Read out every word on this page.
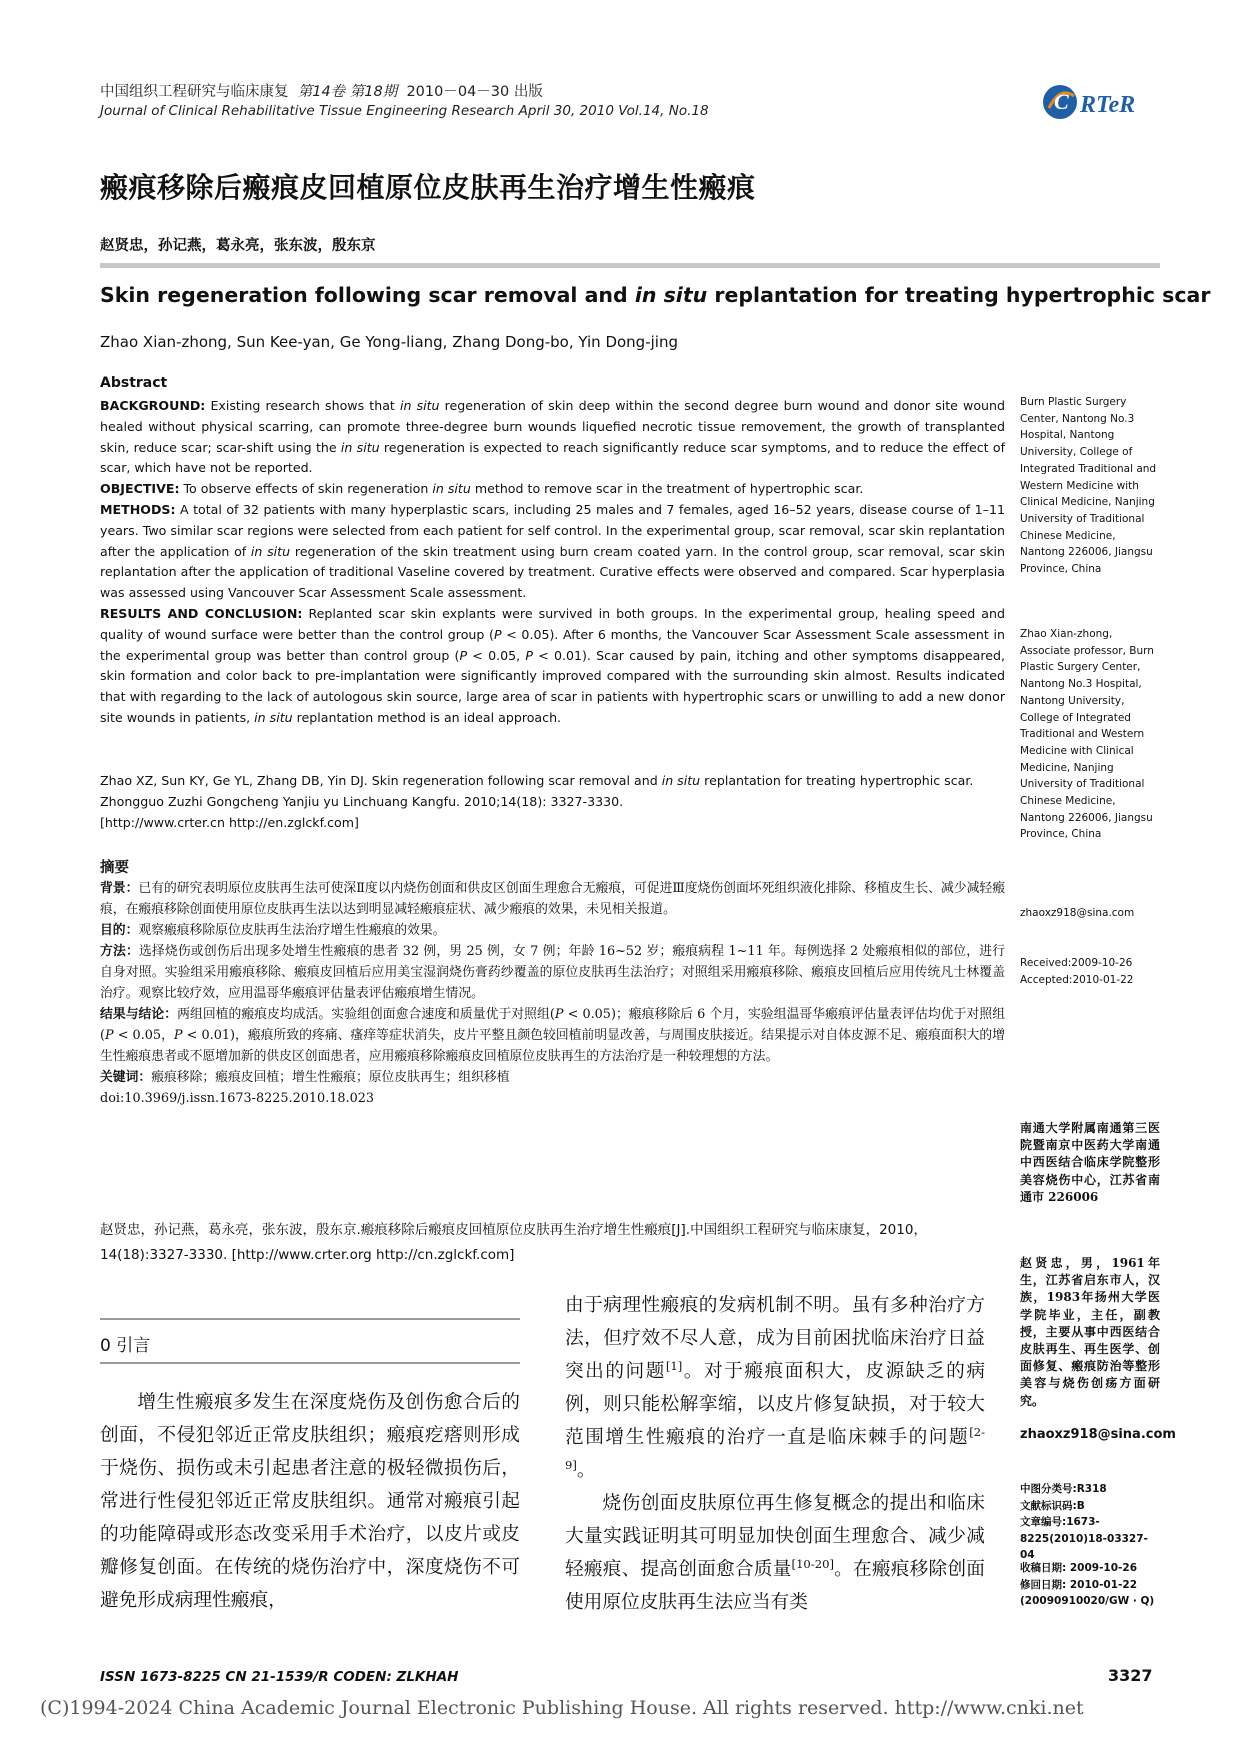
中国组织工程研究与临床康复 第14卷 第18期 2010－04－30 出版
Journal of Clinical Rehabilitative Tissue Engineering Research April 30, 2010 Vol.14, No.18	C RTeR
瘢痕移除后瘢痕皮回植原位皮肤再生治疗增生性瘢痕
赵贤忠，孙记燕，葛永亮，张东波，殷东京
Skin regeneration following scar removal and in situ replantation for treating hypertrophic scar
Zhao Xian-zhong, Sun Kee-yan, Ge Yong-liang, Zhang Dong-bo, Yin Dong-jing
Abstract

BACKGROUND: Existing research shows that in situ regeneration of skin deep within the second degree burn wound and donor site wound healed without physical scarring, can promote three-degree burn wounds liquefied necrotic tissue removement, the growth of transplanted skin, reduce scar; scar-shift using the in situ regeneration is expected to reach significantly reduce scar symptoms, and to reduce the effect of scar, which have not be reported.

OBJECTIVE: To observe effects of skin regeneration in situ method to remove scar in the treatment of hypertrophic scar.

METHODS: A total of 32 patients with many hyperplastic scars, including 25 males and 7 females, aged 16–52 years, disease course of 1–11 years. Two similar scar regions were selected from each patient for self control. In the experimental group, scar removal, scar skin replantation after the application of in situ regeneration of the skin treatment using burn cream coated yarn. In the control group, scar removal, scar skin replantation after the application of traditional Vaseline covered by treatment. Curative effects were observed and compared. Scar hyperplasia was assessed using Vancouver Scar Assessment Scale assessment.

RESULTS AND CONCLUSION: Replanted scar skin explants were survived in both groups. In the experimental group, healing speed and quality of wound surface were better than the control group (P < 0.05). After 6 months, the Vancouver Scar Assessment Scale assessment in the experimental group was better than control group (P < 0.05, P < 0.01). Scar caused by pain, itching and other symptoms disappeared, skin formation and color back to pre-implantation were significantly improved compared with the surrounding skin almost. Results indicated that with regarding to the lack of autologous skin source, large area of scar in patients with hypertrophic scars or unwilling to add a new donor site wounds in patients, in situ replantation method is an ideal approach.

Zhao XZ, Sun KY, Ge YL, Zhang DB, Yin DJ. Skin regeneration following scar removal and in situ replantation for treating hypertrophic scar. Zhongguo Zuzhi Gongcheng Yanjiu yu Linchuang Kangfu. 2010;14(18): 3327-3330.
[http://www.crter.cn http://en.zglckf.com]
摘要

背景：已有的研究表明原位皮肤再生法可使深Ⅱ度以内烧伤创面和供皮区创面生理愈合无瘢痕，可促进Ⅲ度烧伤创面坏死组织液化排除、移植皮生长、减少减轻瘢痕，在瘢痕移除创面使用原位皮肤再生法以达到明显减轻瘢痕症状、减少瘢痕的效果，未见相关报道。

目的：观察瘢痕移除原位皮肤再生法治疗增生性瘢痕的效果。

方法：选择烧伤或创伤后出现多处增生性瘢痕的患者 32 例，男 25 例，女 7 例；年龄 16~52 岁；瘢痕病程 1~11 年。每例选择 2 处瘢痕相似的部位，进行自身对照。实验组采用瘢痕移除、瘢痕皮回植后应用美宝湿润烧伤膏药纱覆盖的原位皮肤再生法治疗；对照组采用瘢痕移除、瘢痕皮回植后应用传统凡士林覆盖治疗。观察比较疗效，应用温哥华瘢痕评估量表评估瘢痕增生情况。

结果与结论：两组回植的瘢痕皮均成活。实验组创面愈合速度和质量优于对照组(P < 0.05)；瘢痕移除后 6 个月，实验组温哥华瘢痕评估量表评估均优于对照组(P < 0.05，P < 0.01)，瘢痕所致的疼痛、瘙痒等症状消失，皮片平整且颜色较回植前明显改善，与周围皮肤接近。结果提示对自体皮源不足、瘢痕面积大的增生性瘢痕患者或不愿增加新的供皮区创面患者，应用瘢痕移除瘢痕皮回植原位皮肤再生的方法治疗是一种较理想的方法。

关键词：瘢痕移除；瘢痕皮回植；增生性瘢痕；原位皮肤再生；组织移植

doi:10.3969/j.issn.1673-8225.2010.18.023

赵贤忠，孙记燕，葛永亮，张东波，殷东京.瘢痕移除后瘢痕皮回植原位皮肤再生治疗增生性瘢痕[J].中国组织工程研究与临床康复，2010，14(18):3327-3330. [http://www.crter.org http://cn.zglckf.com]
Burn Plastic Surgery Center, Nantong No.3 Hospital, Nantong University, College of Integrated Traditional and Western Medicine with Clinical Medicine, Nanjing University of Traditional Chinese Medicine, Nantong 226006, Jiangsu Province, China
Zhao Xian-zhong, Associate professor, Burn Plastic Surgery Center, Nantong No.3 Hospital, Nantong University, College of Integrated Traditional and Western Medicine with Clinical Medicine, Nanjing University of Traditional Chinese Medicine, Nantong 226006, Jiangsu Province, China
zhaoxz918@sina.com
Received:2009-10-26
Accepted:2010-01-22
南通大学附属南通第三医院暨南京中医药大学南通中西医结合临床学院整形美容烧伤中心，江苏省南通市 226006
赵贤忠，男，1961年生，江苏省启东市人，汉族，1983年扬州大学医学院毕业，主任，副教授，主要从事中西医结合皮肤再生、再生医学、创面修复、瘢痕防治等整形美容与烧伤创疡方面研究。
zhaoxz918@sina.com
中图分类号:R318
文献标识码:B
文章编号:1673-8225(2010)18-03327-04
收稿日期: 2009-10-26
修回日期: 2010-01-22
(20090910020/GW · Q)
0 引言

增生性瘢痕多发生在深度烧伤及创伤愈合后的创面，不侵犯邻近正常皮肤组织；瘢痕疙瘩则形成于烧伤、损伤或未引起患者注意的极轻微损伤后，常进行性侵犯邻近正常皮肤组织。通常对瘢痕引起的功能障碍或形态改变采用手术治疗，以皮片或皮瓣修复创面。在传统的烧伤治疗中，深度烧伤不可避免形成病理性瘢痕，

由于病理性瘢痕的发病机制不明。虽有多种治疗方法，但疗效不尽人意，成为目前困扰临床治疗日益突出的问题[1]。对于瘢痕面积大，皮源缺乏的病例，则只能松解挛缩，以皮片修复缺损，对于较大范围增生性瘢痕的治疗一直是临床棘手的问题[2-9]。

烧伤创面皮肤原位再生修复概念的提出和临床大量实践证明其可明显加快创面生理愈合、减少减轻瘢痕、提高创面愈合质量[10-20]。在瘢痕移除创面使用原位皮肤再生法应当有类

ISSN 1673-8225 CN 21-1539/R CODEN: ZLKHAH	3327
(C)1994-2024 China Academic Journal Electronic Publishing House. All rights reserved. http://www.cnki.net
